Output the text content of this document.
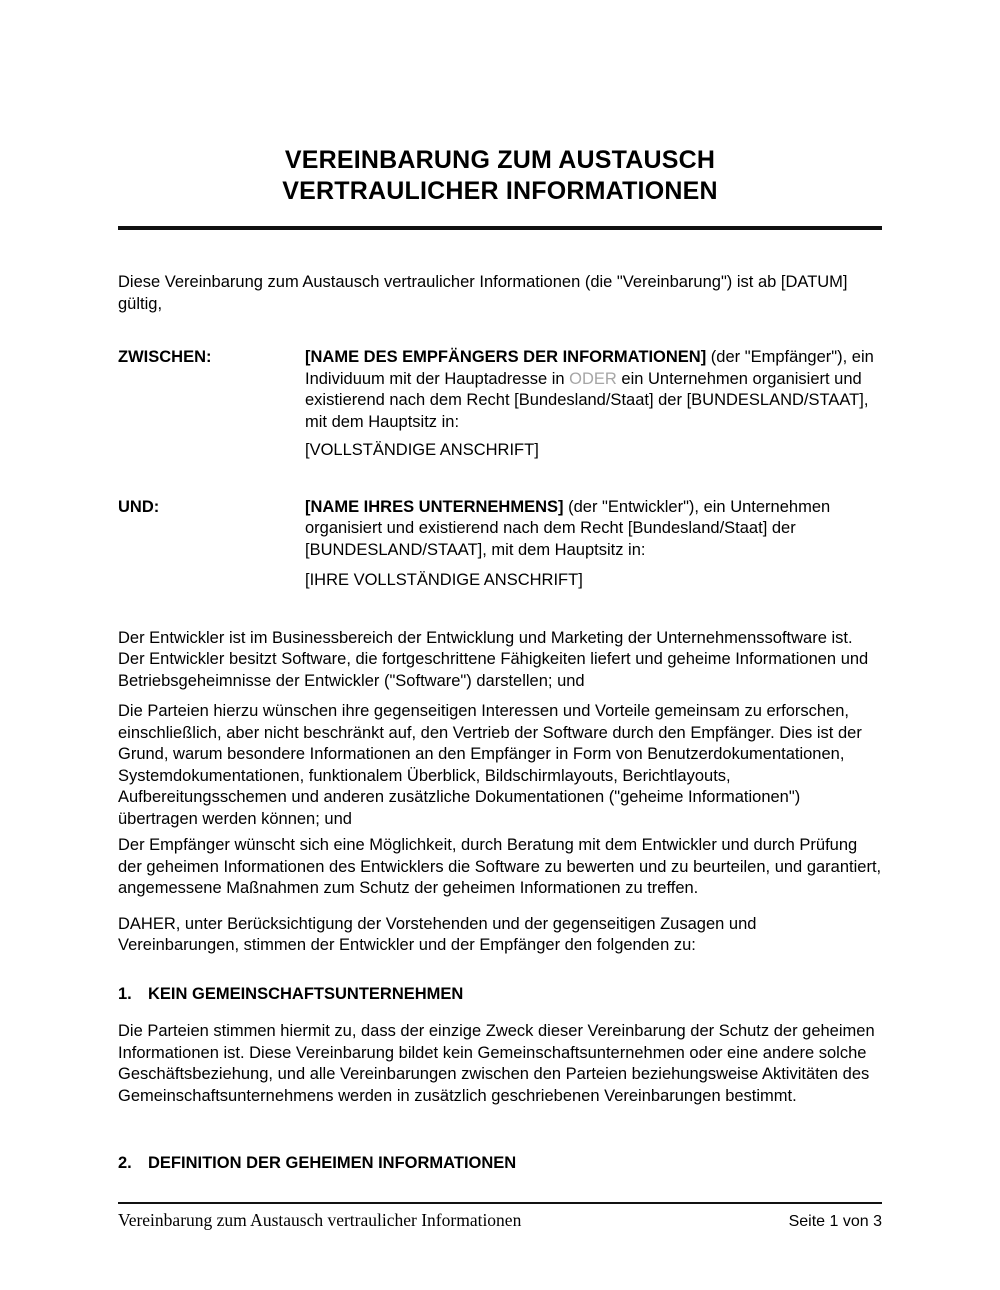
VEREINBARUNG ZUM AUSTAUSCH
VERTRAULICHER INFORMATIONEN

Diese Vereinbarung zum Austausch vertraulicher Informationen (die "Vereinbarung") ist ab [DATUM] gültig,

ZWISCHEN:	[NAME DES EMPFÄNGERS DER INFORMATIONEN] (der "Empfänger"), ein Individuum mit der Hauptadresse in ODER ein Unternehmen organisiert und existierend nach dem Recht [Bundesland/Staat] der [BUNDESLAND/STAAT], mit dem Hauptsitz in:

[VOLLSTÄNDIGE ANSCHRIFT]

UND:	[NAME IHRES UNTERNEHMENS] (der "Entwickler"), ein Unternehmen organisiert und existierend nach dem Recht [Bundesland/Staat] der [BUNDESLAND/STAAT], mit dem Hauptsitz in:

[IHRE VOLLSTÄNDIGE ANSCHRIFT]

Der Entwickler ist im Businessbereich der Entwicklung und Marketing der Unternehmenssoftware ist. Der Entwickler besitzt Software, die fortgeschrittene Fähigkeiten liefert und geheime Informationen und Betriebsgeheimnisse der Entwickler ("Software") darstellen; und

Die Parteien hierzu wünschen ihre gegenseitigen Interessen und Vorteile gemeinsam zu erforschen, einschließlich, aber nicht beschränkt auf, den Vertrieb der Software durch den Empfänger. Dies ist der Grund, warum besondere Informationen an den Empfänger in Form von Benutzerdokumentationen, Systemdokumentationen, funktionalem Überblick, Bildschirmlayouts, Berichtlayouts, Aufbereitungsschemen und anderen zusätzliche Dokumentationen ("geheime Informationen") übertragen werden können; und

Der Empfänger wünscht sich eine Möglichkeit, durch Beratung mit dem Entwickler und durch Prüfung der geheimen Informationen des Entwicklers die Software zu bewerten und zu beurteilen, und garantiert, angemessene Maßnahmen zum Schutz der geheimen Informationen zu treffen.

DAHER, unter Berücksichtigung der Vorstehenden und der gegenseitigen Zusagen und Vereinbarungen, stimmen der Entwickler und der Empfänger den folgenden zu:

1. KEIN GEMEINSCHAFTSUNTERNEHMEN

Die Parteien stimmen hiermit zu, dass der einzige Zweck dieser Vereinbarung der Schutz der geheimen Informationen ist. Diese Vereinbarung bildet kein Gemeinschaftsunternehmen oder eine andere solche Geschäftsbeziehung, und alle Vereinbarungen zwischen den Parteien beziehungsweise Aktivitäten des Gemeinschaftsunternehmens werden in zusätzlich geschriebenen Vereinbarungen bestimmt.

2. DEFINITION DER GEHEIMEN INFORMATIONEN
Vereinbarung zum Austausch vertraulicher Informationen	Seite 1 von 3
